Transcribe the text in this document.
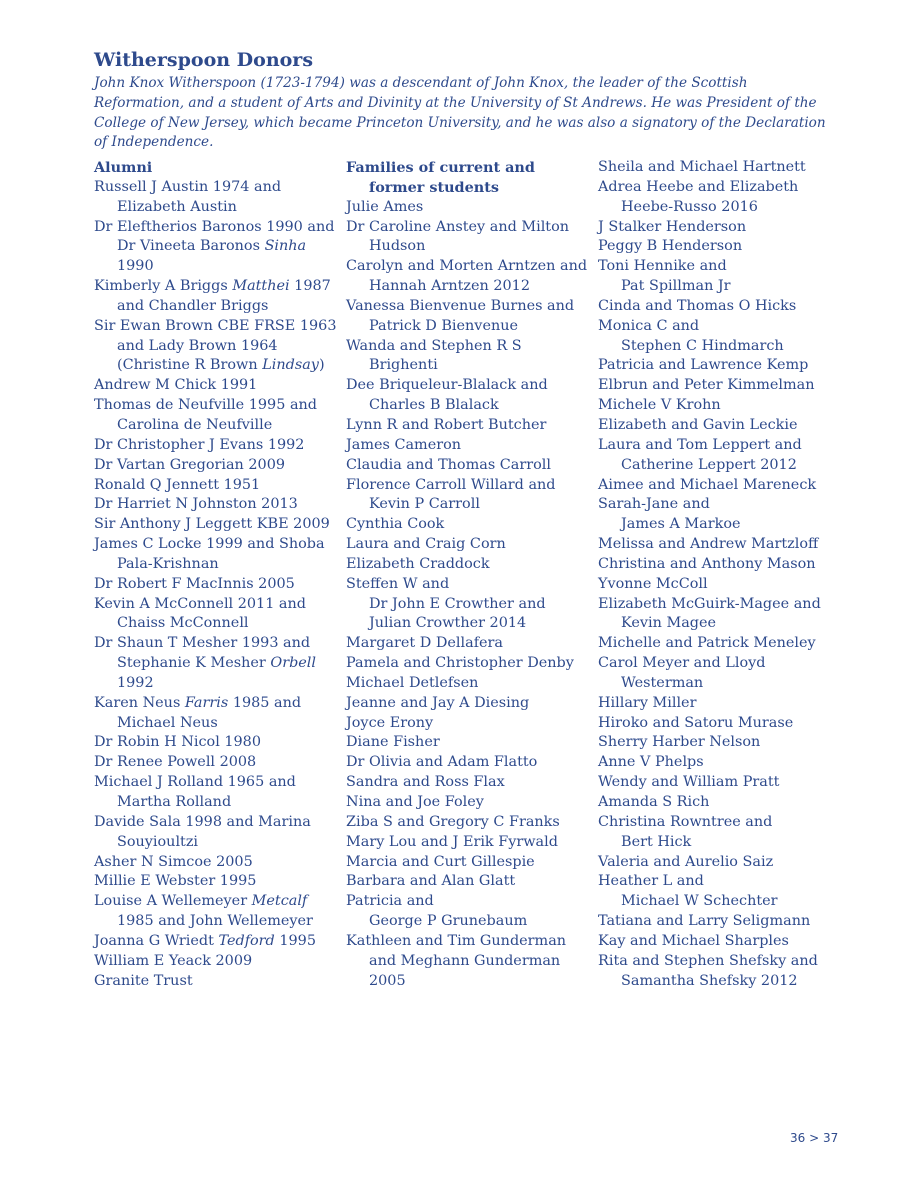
Witherspoon Donors
John Knox Witherspoon (1723-1794) was a descendant of John Knox, the leader of the Scottish Reformation, and a student of Arts and Divinity at the University of St Andrews. He was President of the College of New Jersey, which became Princeton University, and he was also a signatory of the Declaration of Independence.
Alumni
Russell J Austin 1974 and Elizabeth Austin
Dr Eleftherios Baronos 1990 and Dr Vineeta Baronos Sinha 1990
Kimberly A Briggs Matthei 1987 and Chandler Briggs
Sir Ewan Brown CBE FRSE 1963 and Lady Brown 1964 (Christine R Brown Lindsay)
Andrew M Chick 1991
Thomas de Neufville 1995 and Carolina de Neufville
Dr Christopher J Evans 1992
Dr Vartan Gregorian 2009
Ronald Q Jennett 1951
Dr Harriet N Johnston 2013
Sir Anthony J Leggett KBE 2009
James C Locke 1999 and Shoba Pala-Krishnan
Dr Robert F MacInnis 2005
Kevin A McConnell 2011 and Chaiss McConnell
Dr Shaun T Mesher 1993 and Stephanie K Mesher Orbell 1992
Karen Neus Farris 1985 and Michael Neus
Dr Robin H Nicol 1980
Dr Renee Powell 2008
Michael J Rolland 1965 and Martha Rolland
Davide Sala 1998 and Marina Souyioultzi
Asher N Simcoe 2005
Millie E Webster 1995
Louise A Wellemeyer Metcalf 1985 and John Wellemeyer
Joanna G Wriedt Tedford 1995
William E Yeack 2009
Granite Trust
Families of current and former students
Julie Ames
Dr Caroline Anstey and Milton Hudson
Carolyn and Morten Arntzen and Hannah Arntzen 2012
Vanessa Bienvenue Burnes and Patrick D Bienvenue
Wanda and Stephen R S Brighenti
Dee Briqueleur-Blalack and Charles B Blalack
Lynn R and Robert Butcher
James Cameron
Claudia and Thomas Carroll
Florence Carroll Willard and Kevin P Carroll
Cynthia Cook
Laura and Craig Corn
Elizabeth Craddock
Steffen W and
Dr John E Crowther and
Julian Crowther 2014
Margaret D Dellafera
Pamela and Christopher Denby
Michael Detlefsen
Jeanne and Jay A Diesing
Joyce Erony
Diane Fisher
Dr Olivia and Adam Flatto
Sandra and Ross Flax
Nina and Joe Foley
Ziba S and Gregory C Franks
Mary Lou and J Erik Fyrwald
Marcia and Curt Gillespie
Barbara and Alan Glatt
Patricia and
George P Grunebaum
Kathleen and Tim Gunderman and Meghann Gunderman 2005
Sheila and Michael Hartnett
Adrea Heebe and Elizabeth Heebe-Russo 2016
J Stalker Henderson
Peggy B Henderson
Toni Hennike and
Pat Spillman Jr
Cinda and Thomas O Hicks
Monica C and
Stephen C Hindmarch
Patricia and Lawrence Kemp
Elbrun and Peter Kimmelman
Michele V Krohn
Elizabeth and Gavin Leckie
Laura and Tom Leppert and Catherine Leppert 2012
Aimee and Michael Mareneck
Sarah-Jane and
James A Markoe
Melissa and Andrew Martzloff
Christina and Anthony Mason
Yvonne McColl
Elizabeth McGuirk-Magee and Kevin Magee
Michelle and Patrick Meneley
Carol Meyer and Lloyd Westerman
Hillary Miller
Hiroko and Satoru Murase
Sherry Harber Nelson
Anne V Phelps
Wendy and William Pratt
Amanda S Rich
Christina Rowntree and
Bert Hick
Valeria and Aurelio Saiz
Heather L and
Michael W Schechter
Tatiana and Larry Seligmann
Kay and Michael Sharples
Rita and Stephen Shefsky and Samantha Shefsky 2012
36 > 37
